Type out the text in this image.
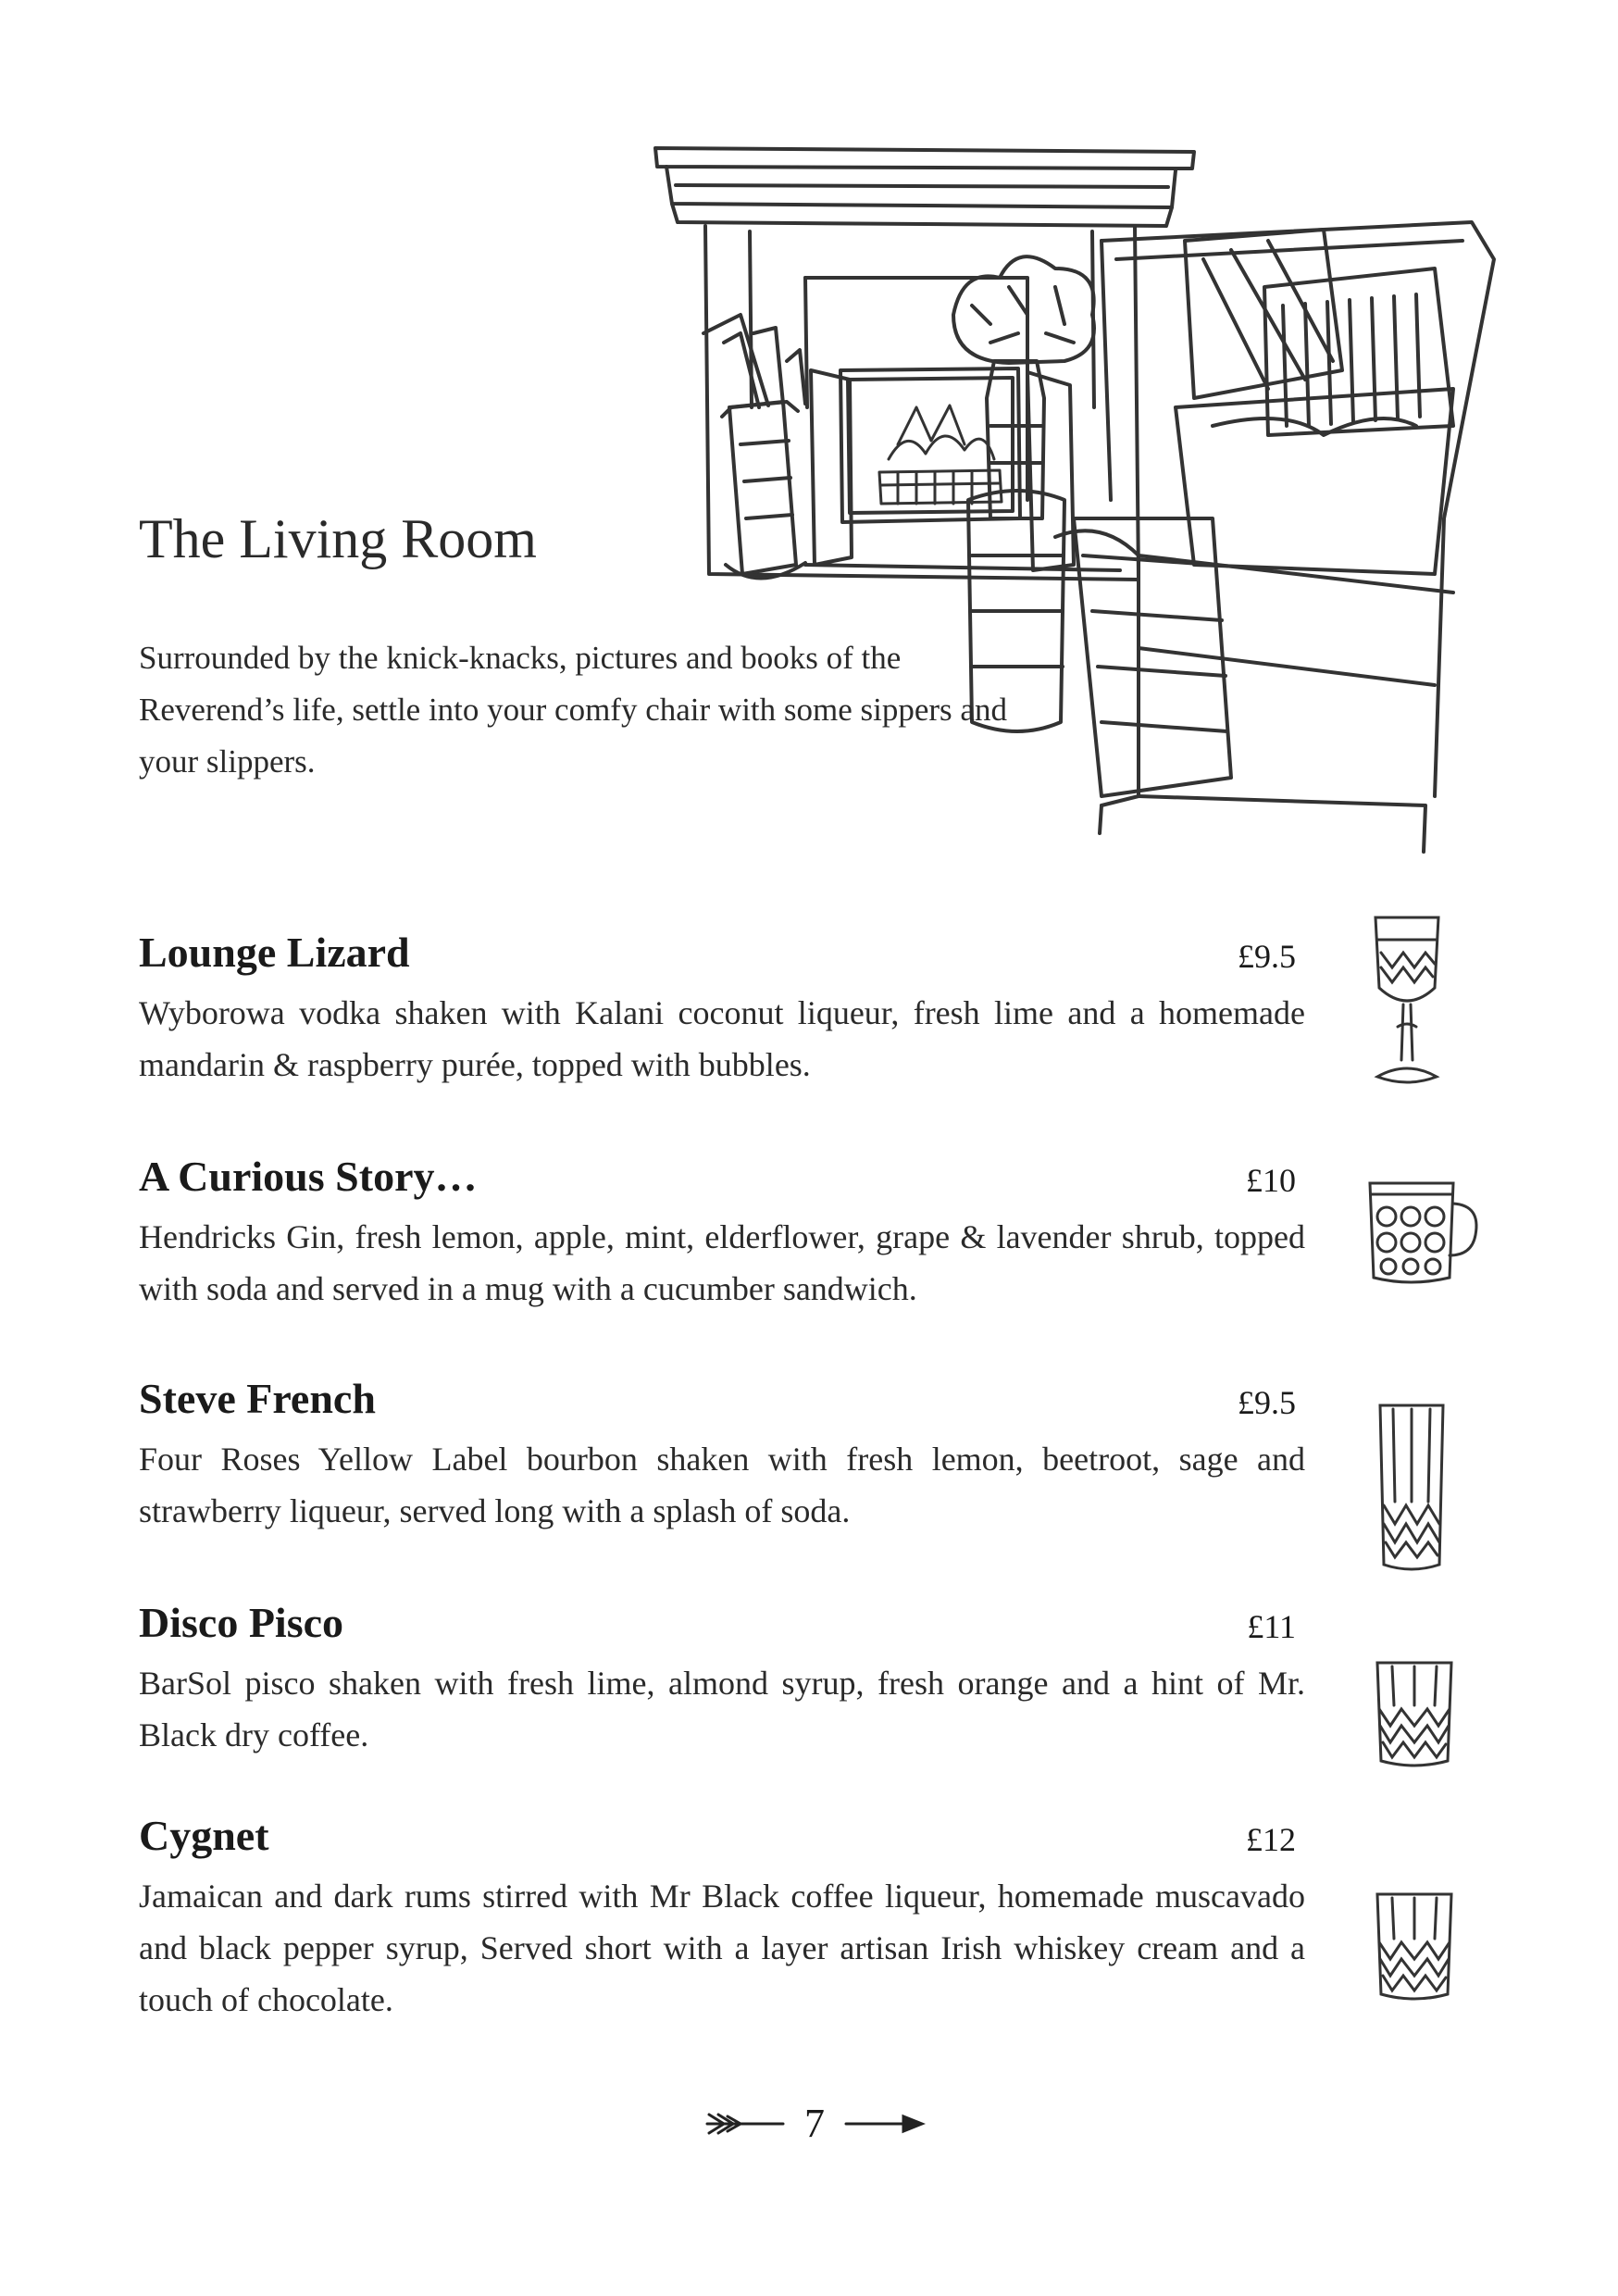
The Living Room

Surrounded by the knick-knacks, pictures and books of the Reverend’s life, settle into your comfy chair with some sippers and your slippers.

Lounge Lizard	£9.5
Wyborowa vodka shaken with Kalani coconut liqueur, fresh lime and a homemade mandarin & raspberry purée, topped with bubbles.
A Curious Story…	£10
Hendricks Gin, fresh lemon, apple, mint, elderflower, grape & lavender shrub, topped with soda and served in a mug with a cucumber sandwich.
Steve French	£9.5
Four Roses Yellow Label bourbon shaken with fresh lemon, beetroot, sage and strawberry liqueur, served long with a splash of soda.
Disco Pisco	£11
BarSol pisco shaken with fresh lime, almond syrup, fresh orange and a hint of Mr. Black dry coffee.
Cygnet	£12
Jamaican and dark rums stirred with Mr Black coffee liqueur, homemade muscavado and black pepper syrup, Served short with a layer artisan Irish whiskey cream and a touch of chocolate.
7
